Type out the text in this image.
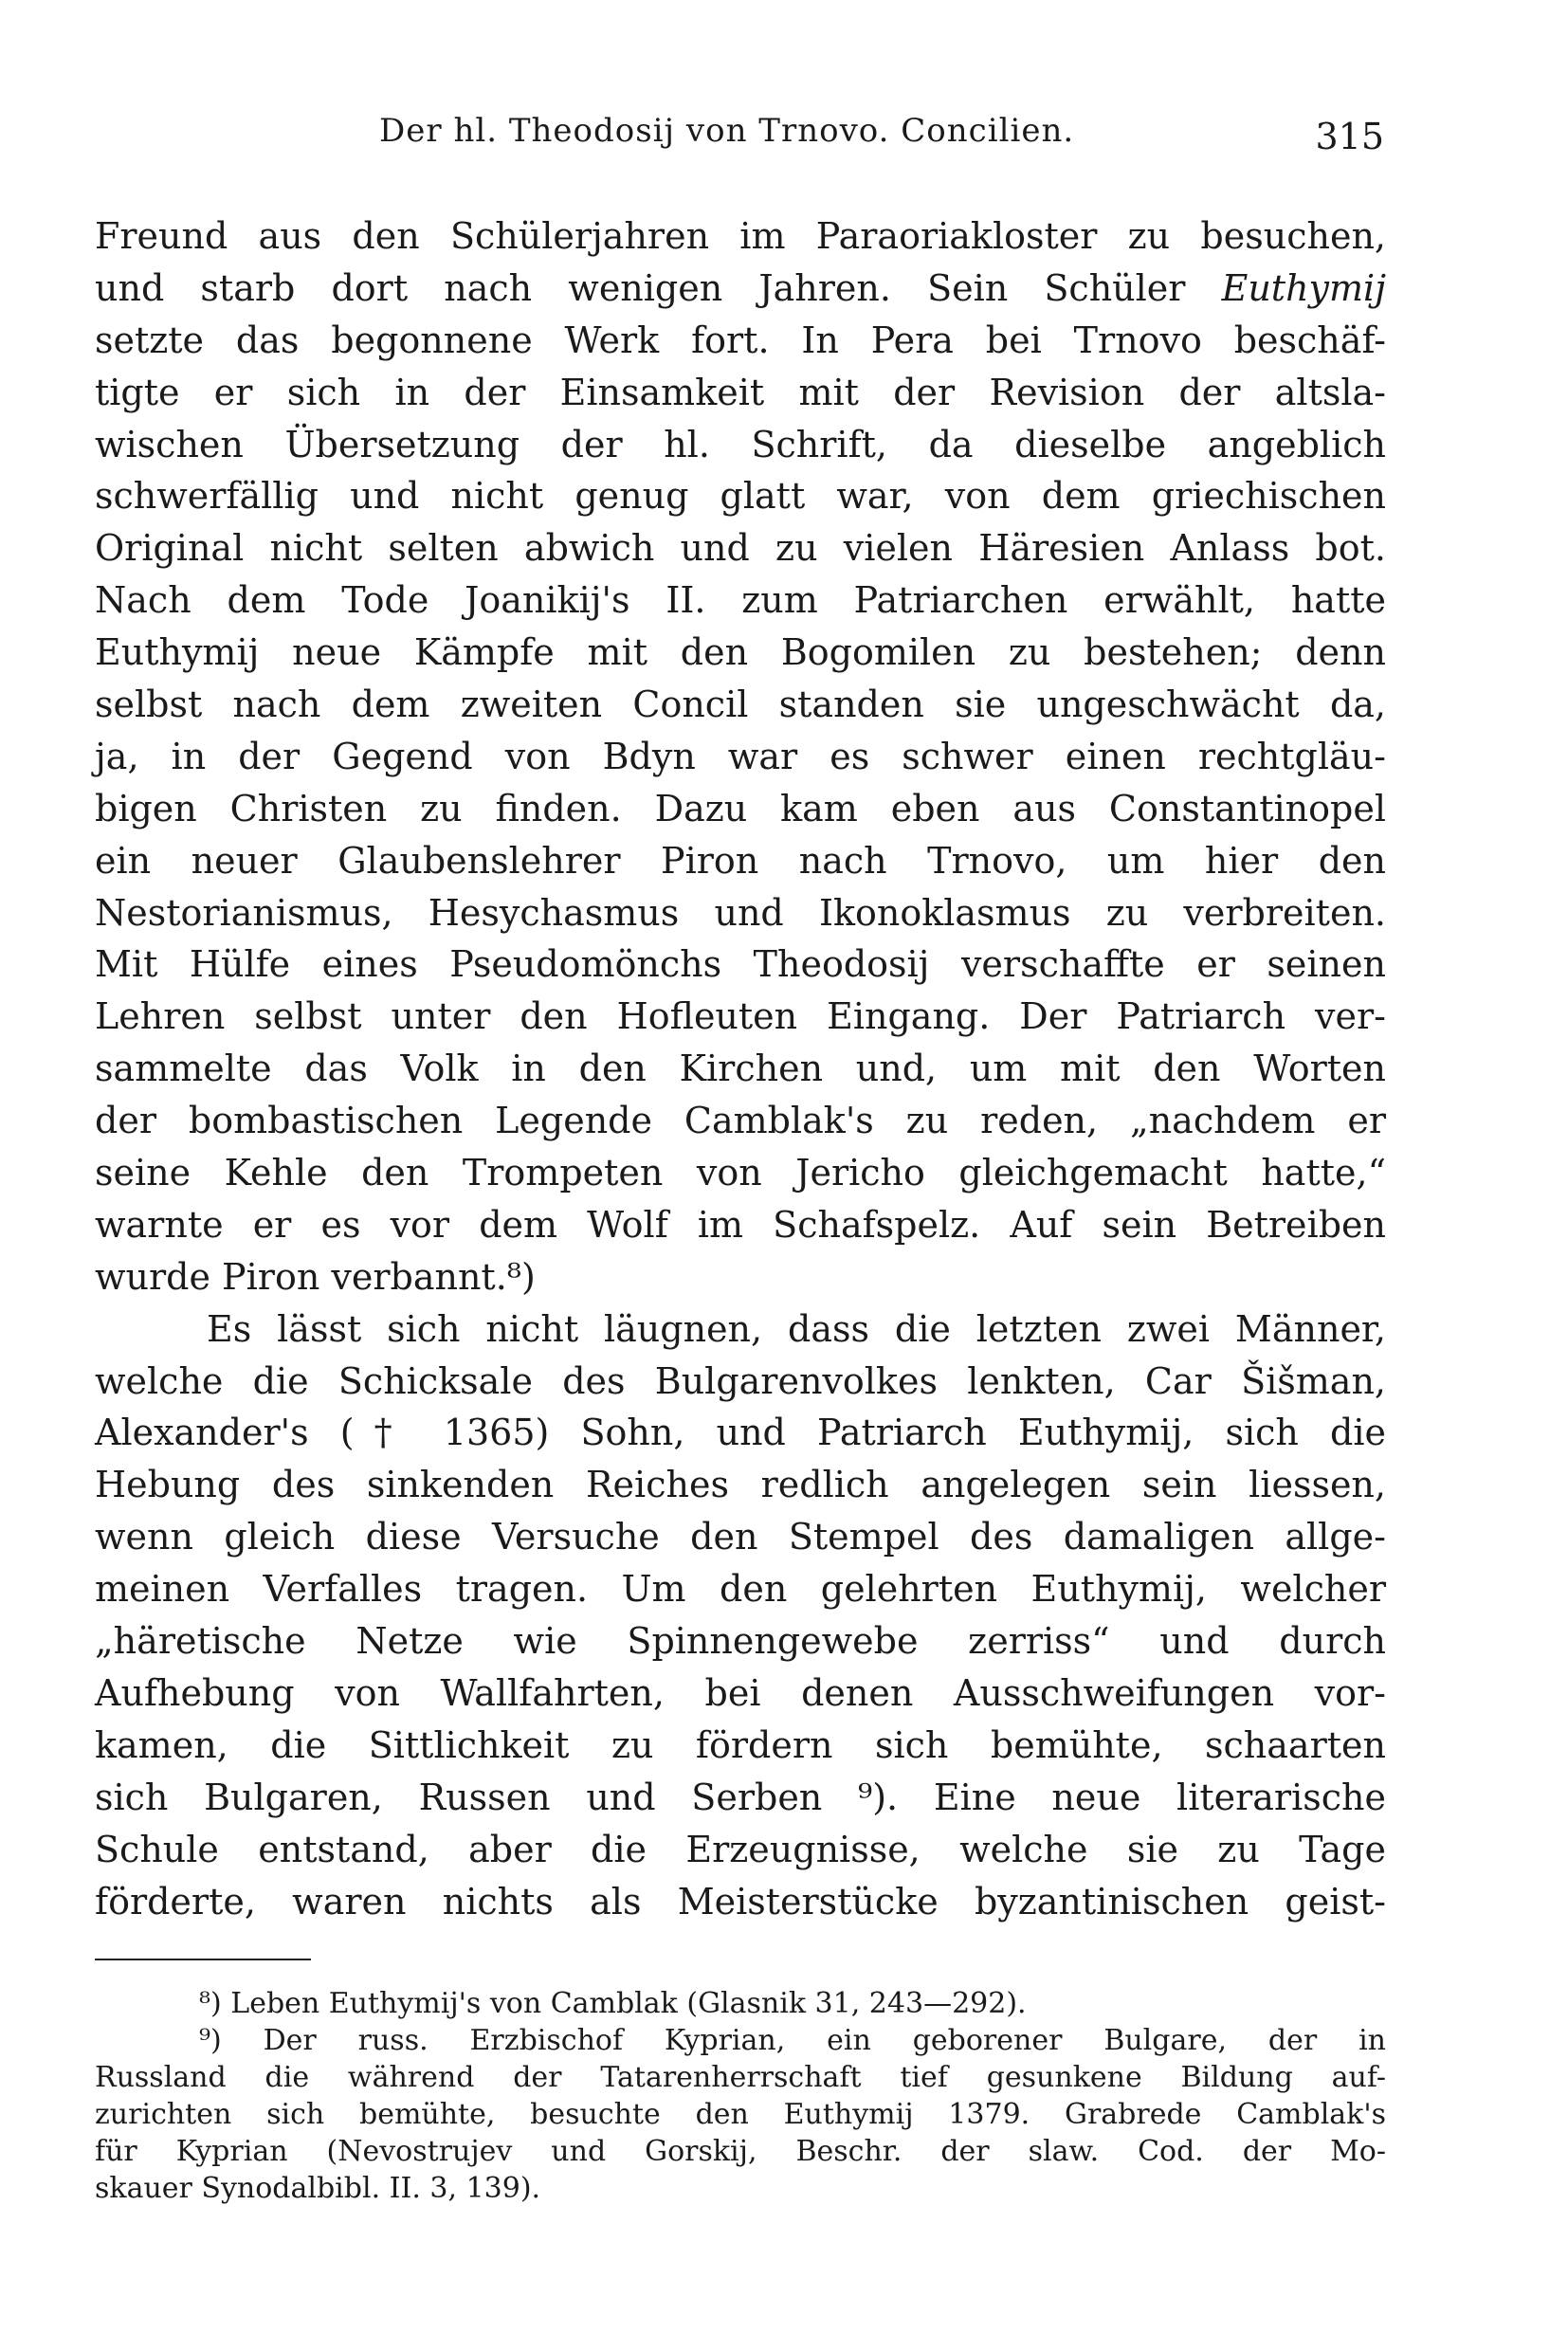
Der hl. Theodosij von Trnovo. Concilien.	315
Freund aus den Schülerjahren im Paraoriakloster zu besuchen,
und starb dort nach wenigen Jahren. Sein Schüler Euthymij
setzte das begonnene Werk fort. In Pera bei Trnovo beschäf-
tigte er sich in der Einsamkeit mit der Revision der altsla-
wischen Übersetzung der hl. Schrift, da dieselbe angeblich
schwerfällig und nicht genug glatt war, von dem griechischen
Original nicht selten abwich und zu vielen Häresien Anlass bot.
Nach dem Tode Joanikij's II. zum Patriarchen erwählt, hatte
Euthymij neue Kämpfe mit den Bogomilen zu bestehen; denn
selbst nach dem zweiten Concil standen sie ungeschwächt da,
ja, in der Gegend von Bdyn war es schwer einen rechtgläu-
bigen Christen zu finden. Dazu kam eben aus Constantinopel
ein neuer Glaubenslehrer Piron nach Trnovo, um hier den
Nestorianismus, Hesychasmus und Ikonoklasmus zu verbreiten.
Mit Hülfe eines Pseudomönchs Theodosij verschaffte er seinen
Lehren selbst unter den Hofleuten Eingang. Der Patriarch ver-
sammelte das Volk in den Kirchen und, um mit den Worten
der bombastischen Legende Camblak's zu reden, „nachdem er
seine Kehle den Trompeten von Jericho gleichgemacht hatte,“
warnte er es vor dem Wolf im Schafspelz. Auf sein Betreiben
wurde Piron verbannt.⁸)
Es lässt sich nicht läugnen, dass die letzten zwei Männer,
welche die Schicksale des Bulgarenvolkes lenkten, Car Šišman,
Alexander's († 1365) Sohn, und Patriarch Euthymij, sich die
Hebung des sinkenden Reiches redlich angelegen sein liessen,
wenn gleich diese Versuche den Stempel des damaligen allge-
meinen Verfalles tragen. Um den gelehrten Euthymij, welcher
„häretische Netze wie Spinnengewebe zerriss“ und durch
Aufhebung von Wallfahrten, bei denen Ausschweifungen vor-
kamen, die Sittlichkeit zu fördern sich bemühte, schaarten
sich Bulgaren, Russen und Serben ⁹). Eine neue literarische
Schule entstand, aber die Erzeugnisse, welche sie zu Tage
förderte, waren nichts als Meisterstücke byzantinischen geist-
⁸) Leben Euthymij's von Camblak (Glasnik 31, 243—292).
⁹) Der russ. Erzbischof Kyprian, ein geborener Bulgare, der in
Russland die während der Tatarenherrschaft tief gesunkene Bildung auf-
zurichten sich bemühte, besuchte den Euthymij 1379. Grabrede Camblak's
für Kyprian (Nevostrujev und Gorskij, Beschr. der slaw. Cod. der Mo-
skauer Synodalbibl. II. 3, 139).
